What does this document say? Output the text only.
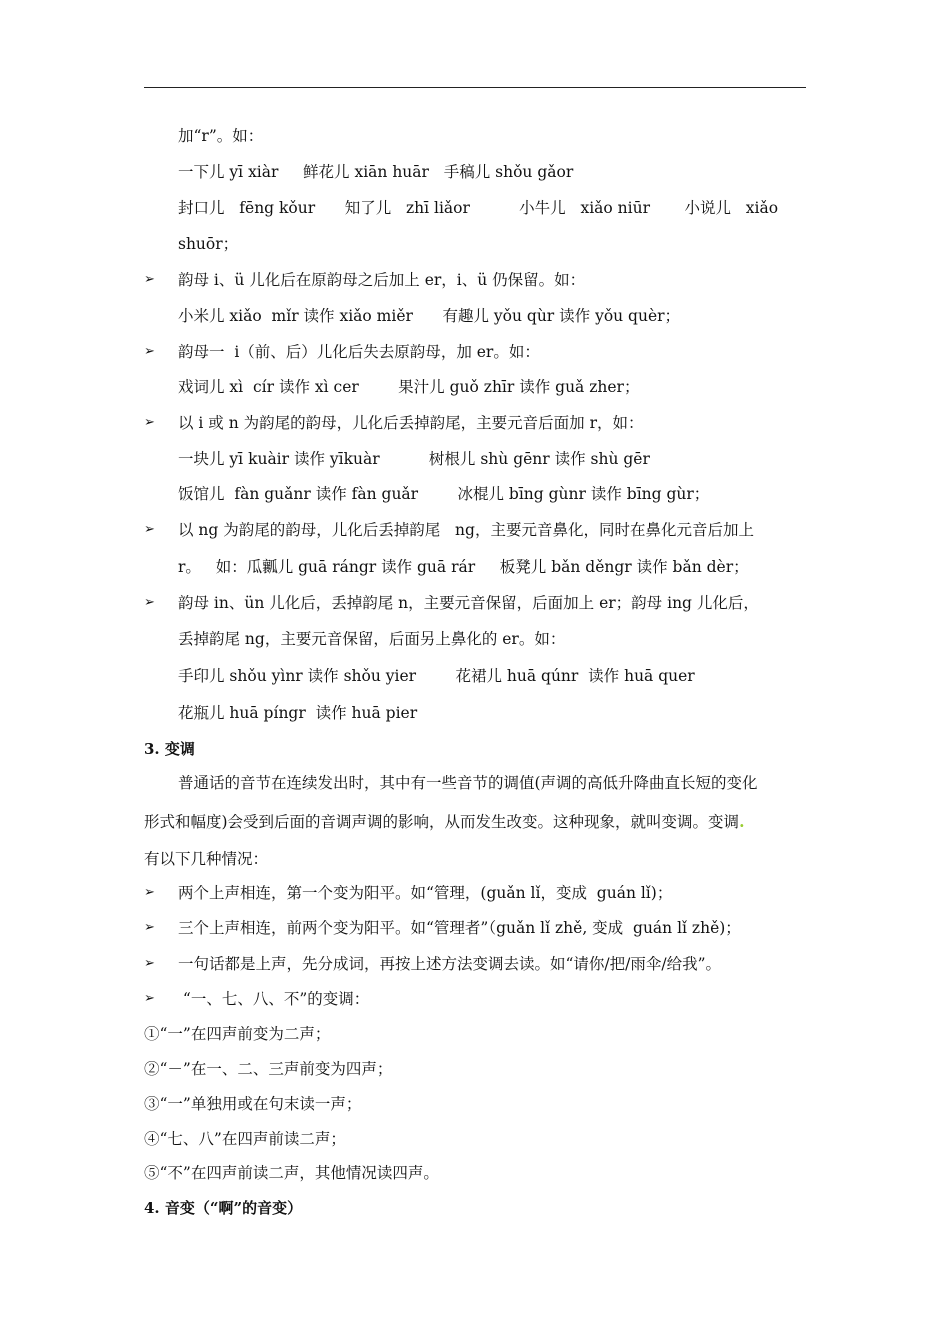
加“r”。如：
一下儿 yī xiàr     鲜花儿 xiān huār   手稿儿 shǒu gǎor
封口儿   fēng kǒur      知了儿   zhī liǎor          小牛儿   xiǎo niūr       小说儿   xiǎo
shuōr；
➢ 韵母 i、ü 儿化后在原韵母之后加上 er，i、ü 仍保留。如：
小米儿 xiǎo  mǐr 读作 xiǎo miěr      有趣儿 yǒu qùr 读作 yǒu quèr；
➢ 韵母一  i（前、后）儿化后失去原韵母，加 er。如：
戏词儿 xì  cír 读作 xì cer        果汁儿 guǒ zhīr 读作 guǎ zher；
➢ 以 i 或 n 为韵尾的韵母，儿化后丢掉韵尾，主要元音后面加 r，如：
一块儿 yī kuàir 读作 yīkuàr          树根儿 shù gēnr 读作 shù gēr
饭馆儿  fàn guǎnr 读作 fàn guǎr        冰棍儿 bīng gùnr 读作 bīng gùr；
➢ 以 ng 为韵尾的韵母，儿化后丢掉韵尾   ng，主要元音鼻化，同时在鼻化元音后加上
r。   如：瓜瓤儿 guā rángr 读作 guā rár     板凳儿 bǎn děngr 读作 bǎn dèr；
➢ 韵母 in、ün 儿化后，丢掉韵尾 n，主要元音保留，后面加上 er；韵母 ing 儿化后，
丢掉韵尾 ng，主要元音保留，后面另上鼻化的 er。如：
手印儿 shǒu yìnr 读作 shǒu yier        花裙儿 huā qúnr  读作 huā quer
花瓶儿 huā píngr  读作 huā pier
3. 变调
普通话的音节在连续发出时，其中有一些音节的调值(声调的高低升降曲直长短的变化
形式和幅度)会受到后面的音调声调的影响，从而发生改变。这种现象，就叫变调。变调.
有以下几种情况：
➢ 两个上声相连，第一个变为阳平。如“管理，(guǎn lǐ，变成  guán lǐ)；
➢ 三个上声相连，前两个变为阳平。如“管理者”（guǎn lǐ zhě, 变成  guán lǐ zhě)；
➢ 一句话都是上声，先分成词，再按上述方法变调去读。如“请你/把/雨伞/给我”。
➢ “一、七、八、不”的变调：
①“一”在四声前变为二声；
②“－”在一、二、三声前变为四声；
③“一”单独用或在句末读一声；
④“七、八”在四声前读二声；
⑤“不”在四声前读二声，其他情况读四声。
4. 音变（“啊”的音变）
